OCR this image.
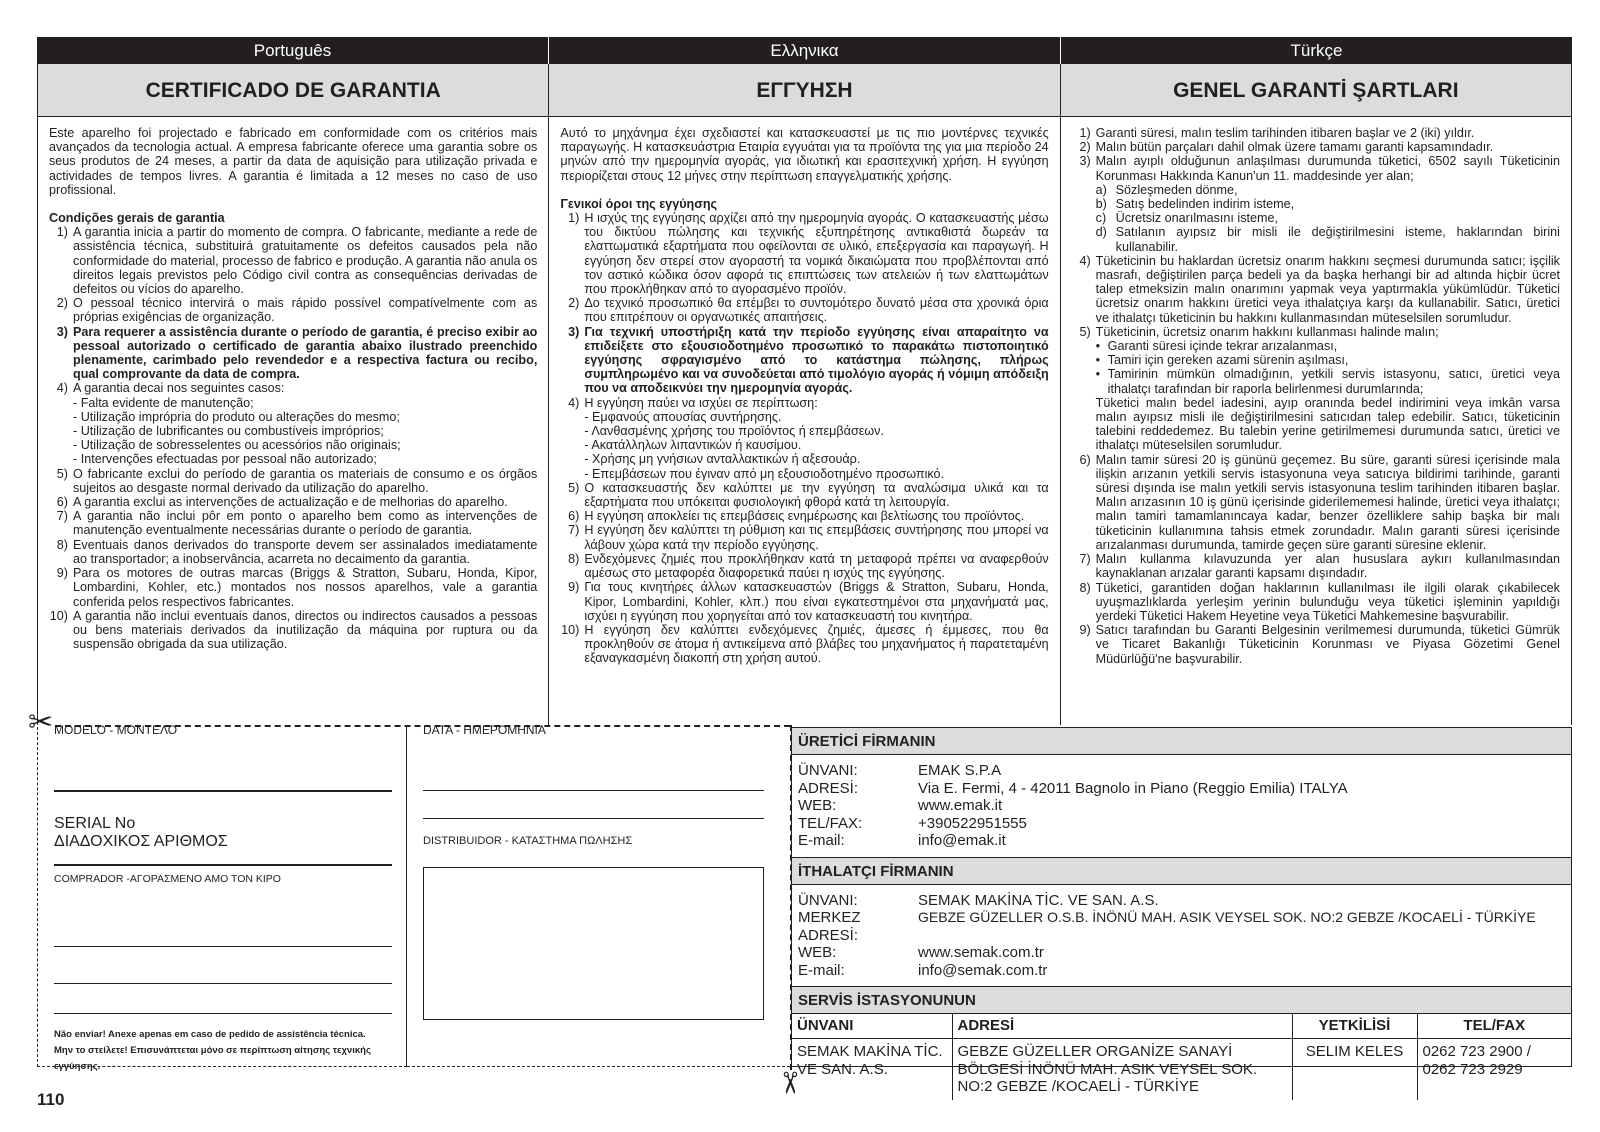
Português	Ελληνικα	Türkçe
CERTIFICADO DE GARANTIA	ΕΓΓΥΗΣΗ	GENEL GARANTİ ŞARTLARI

Este aparelho foi projectado e fabricado em conformidade com os critérios mais avançados da tecnologia actual. A empresa fabricante oferece uma garantia sobre os seus produtos de 24 meses, a partir da data de aquisição para utilização privada e actividades de tempos livres. A garantia é limitada a 12 meses no caso de uso profissional.

Condições gerais de garantia

1) A garantia inicia a partir do momento de compra. O fabricante, mediante a rede de assistência técnica, substituirá gratuitamente os defeitos causados pela não conformidade do material, processo de fabrico e produção. A garantia não anula os direitos legais previstos pelo Código civil contra as consequências derivadas de defeitos ou vícios do aparelho.
2) O pessoal técnico intervirá o mais rápido possível compatívelmente com as próprias exigências de organização.
3) Para requerer a assistência durante o período de garantia, é preciso exibir ao pessoal autorizado o certificado de garantia abaixo ilustrado preenchido plenamente, carimbado pelo revendedor e a respectiva factura ou recibo, qual comprovante da data de compra.
4) A garantia decai nos seguintes casos:
- Falta evidente de manutenção;
- Utilização imprópria do produto ou alterações do mesmo;
- Utilização de lubrificantes ou combustíveis impróprios;
- Utilização de sobresselentes ou acessórios não originais;
- Intervenções efectuadas por pessoal não autorizado;
5) O fabricante exclui do período de garantia os materiais de consumo e os órgãos sujeitos ao desgaste normal derivado da utilização do aparelho.
6) A garantia exclui as intervenções de actualização e de melhorias do aparelho.
7) A garantia não inclui pôr em ponto o aparelho bem como as intervenções de manutenção eventualmente necessárias durante o período de garantia.
8) Eventuais danos derivados do transporte devem ser assinalados imediatamente ao transportador; a inobservância, acarreta no decaimento da garantia.
9) Para os motores de outras marcas (Briggs & Stratton, Subaru, Honda, Kipor, Lombardini, Kohler, etc.) montados nos nossos aparelhos, vale a garantia conferida pelos respectivos fabricantes.
10) A garantia não inclui eventuais danos, directos ou indirectos causados a pessoas ou bens materiais derivados da inutilização da máquina por ruptura ou da suspensão obrigada da sua utilização.

Αυτό το μηχάνημα έχει σχεδιαστεί και κατασκευαστεί με τις πιο μοντέρνες τεχνικές παραγωγής. Η κατασκευάστρια Εταιρία εγγυάται για τα προϊόντα της για μια περίοδο 24 μηνών από την ημερομηνία αγοράς, για ιδιωτική και ερασιτεχνική χρήση. Η εγγύηση περιορίζεται στους 12 μήνες στην περίπτωση επαγγελματικής χρήσης.

Γενικοί όροι της εγγύησης

1) Η ισχύς της εγγύησης αρχίζει από την ημερομηνία αγοράς. Ο κατασκευαστής μέσω του δικτύου πώλησης και τεχνικής εξυπηρέτησης αντικαθιστά δωρεάν τα ελαττωματικά εξαρτήματα που οφείλονται σε υλικό, επεξεργασία και παραγωγή. Η εγγύηση δεν στερεί στον αγοραστή τα νομικά δικαιώματα που προβλέπονται από τον αστικό κώδικα όσον αφορά τις επιπτώσεις των ατελειών ή των ελαττωμάτων που προκλήθηκαν από το αγορασμένο προϊόν.
2) Δο τεχνικό προσωπικό θα επέμβει το συντομότερο δυνατό μέσα στα χρονικά όρια που επιτρέπουν οι οργανωτικές απαιτήσεις.
3) Για τεχνική υποστήριξη κατά την περίοδο εγγύησης είναι απαραίτητο να επιδείξετε στο εξουσιοδοτημένο προσωπικό το παρακάτω πιστοποιητικό εγγύησης σφραγισμένο από το κατάστημα πώλησης, πλήρως συμπληρωμένο και να συνοδεύεται από τιμολόγιο αγοράς ή νόμιμη απόδειξη που να αποδεικνύει την ημερομηνία αγοράς.
4) Η εγγύηση παύει να ισχύει σε περίπτωση:
- Εμφανούς απουσίας συντήρησης.
- Λανθασμένης χρήσης του προϊόντος ή επεμβάσεων.
- Ακατάλληλων λιπαντικών ή καυσίμου.
- Χρήσης μη γνήσιων ανταλλακτικών ή αξεσουάρ.
- Επεμβάσεων που έγιναν από μη εξουσιοδοτημένο προσωπικό.
5) Ο κατασκευαστής δεν καλύπτει με την εγγύηση τα αναλώσιμα υλικά και τα εξαρτήματα που υπόκειται φυσιολογική φθορά κατά τη λειτουργία.
6) Η εγγύηση αποκλείει τις επεμβάσεις ενημέρωσης και βελτίωσης του προϊόντος.
7) Η εγγύηση δεν καλύπτει τη ρύθμιση και τις επεμβάσεις συντήρησης που μπορεί να λάβουν χώρα κατά την περίοδο εγγύησης.
8) Ενδεχόμενες ζημιές που προκλήθηκαν κατά τη μεταφορά πρέπει να αναφερθούν αμέσως στο μεταφορέα διαφορετικά παύει η ισχύς της εγγύησης.
9) Για τους κινητήρες άλλων κατασκευαστών (Briggs & Stratton, Subaru, Honda, Kipor, Lombardini, Kohler, κλπ.) που είναι εγκατεστημένοι στα μηχανήματά μας, ισχύει η εγγύηση που χορηγείται από τον κατασκευαστή του κινητήρα.
10) Η εγγύηση δεν καλύπτει ενδεχόμενες ζημιές, άμεσες ή έμμεσες, που θα προκληθούν σε άτομα ή αντικείμενα από βλάβες του μηχανήματος ή παρατεταμένη εξαναγκασμένη διακοπή στη χρήση αυτού.
1) Garanti süresi, malın teslim tarihinden itibaren başlar ve 2 (iki) yıldır.
2) Malın bütün parçaları dahil olmak üzere tamamı garanti kapsamındadır.
3) Malın ayıplı olduğunun anlaşılması durumunda tüketici, 6502 sayılı Tüketicinin Korunması Hakkında Kanun'un 11. maddesinde yer alan;
a) Sözleşmeden dönme,
b) Satış bedelinden indirim isteme,
c) Ücretsiz onarılmasını isteme,
d) Satılanın ayıpsız bir misli ile değiştirilmesini isteme, haklarından birini kullanabilir.
4) Tüketicinin bu haklardan ücretsiz onarım hakkını seçmesi durumunda satıcı; işçilik masrafı, değiştirilen parça bedeli ya da başka herhangi bir ad altında hiçbir ücret talep etmeksizin malın onarımını yapmak veya yaptırmakla yükümlüdür. Tüketici ücretsiz onarım hakkını üretici veya ithalatçıya karşı da kullanabilir. Satıcı, üretici ve ithalatçı tüketicinin bu hakkını kullanmasından müteselsilen sorumludur.
5) Tüketicinin, ücretsiz onarım hakkını kullanması halinde malın;
• Garanti süresi içinde tekrar arızalanması,
• Tamiri için gereken azami sürenin aşılması,
• Tamirinin mümkün olmadığının, yetkili servis istasyonu, satıcı, üretici veya ithalatçı tarafından bir raporla belirlenmesi durumlarında;
Tüketici malın bedel iadesini, ayıp oranında bedel indirimini veya imkân varsa malın ayıpsız misli ile değiştirilmesini satıcıdan talep edebilir. Satıcı, tüketicinin talebini reddedemez. Bu talebin yerine getirilmemesi durumunda satıcı, üretici ve ithalatçı müteselsilen sorumludur.
6) Malın tamir süresi 20 iş gününü geçemez. Bu süre, garanti süresi içerisinde mala ilişkin arızanın yetkili servis istasyonuna veya satıcıya bildirimi tarihinde, garanti süresi dışında ise malın yetkili servis istasyonuna teslim tarihinden itibaren başlar. Malın arızasının 10 iş günü içerisinde giderilememesi halinde, üretici veya ithalatçı; malın tamiri tamamlanıncaya kadar, benzer özelliklere sahip başka bir malı tüketicinin kullanımına tahsis etmek zorundadır. Malın garanti süresi içerisinde arızalanması durumunda, tamirde geçen süre garanti süresine eklenir.
7) Malın kullanma kılavuzunda yer alan hususlara aykırı kullanılmasından kaynaklanan arızalar garanti kapsamı dışındadır.
8) Tüketici, garantiden doğan haklarının kullanılması ile ilgili olarak çıkabilecek uyuşmazlıklarda yerleşim yerinin bulunduğu veya tüketici işleminin yapıldığı yerdeki Tüketici Hakem Heyetine veya Tüketici Mahkemesine başvurabilir.
9) Satıcı tarafından bu Garanti Belgesinin verilmemesi durumunda, tüketici Gümrük ve Ticaret Bakanlığı Tüketicinin Korunması ve Piyasa Gözetimi Genel Müdürlüğü'ne başvurabilir.
✂
✂
MODELO - ΜΟΝΤΕΛΟ
SERIAL No
ΔΙΑΔΟΧΙΚΟΣ ΑΡΙΘΜΟΣ
COMPRADOR -ΑΓΟΡΑΣΜΕΝΟ ΑΜΟ ΤΟΝ ΚΙΡΟ
Não enviar! Anexe apenas em caso de pedido de assistência técnica.
Μην το στείλετε! Επισυνάπτεται μόνο σε περίπτωση αίτησης τεχνικής εγγύησης.
DATA - ΗΜΕΡΟΜΗΝΙΑ
DISTRIBUIDOR - ΚΑΤΑΣΤΗΜΑ ΠΩΛΗΣΗΣ
ÜRETİCİ FİRMANIN
ÜNVANI:	EMAK S.P.A
ADRESİ:	Via E. Fermi, 4 - 42011 Bagnolo in Piano (Reggio Emilia) ITALYA
WEB:	www.emak.it
TEL/FAX:	+390522951555
E-mail:	info@emak.it
İTHALATÇI FİRMANIN
ÜNVANI:	SEMAK MAKİNA TİC. VE SAN. A.S.
MERKEZ ADRESİ:
GEBZE GÜZELLER O.S.B. İNÖNÜ MAH. ASIK VEYSEL SOK. NO:2 GEBZE /KOCAELİ - TÜRKİYE
WEB:	www.semak.com.tr
E-mail:	info@semak.com.tr
SERVİS İSTASYONUNUN
ÜNVANI	ADRESİ	YETKİLİSİ	TEL/FAX
SEMAK MAKİNA TİC. VE SAN. A.S.	GEBZE GÜZELLER ORGANİZE SANAYİ BÖLGESİ İNÖNÜ MAH. ASIK VEYSEL SOK. NO:2 GEBZE /KOCAELİ - TÜRKİYE	SELIM KELES	0262 723 2900 /
0262 723 2929
110
